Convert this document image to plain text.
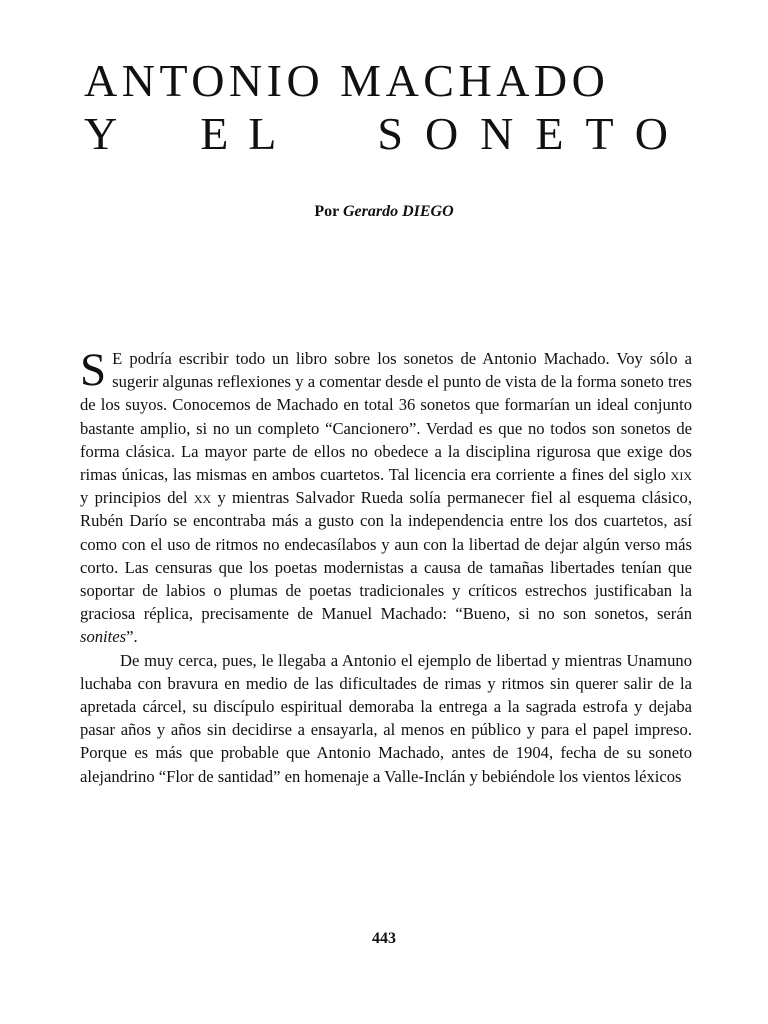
ANTONIO MACHADO
Y EL SONETO
Por Gerardo DIEGO

S E podría escribir todo un libro sobre los sonetos de Antonio Machado. Voy sólo a sugerir algunas reflexiones y a comentar desde el punto de vista de la forma soneto tres de los suyos. Conocemos de Machado en total 36 sonetos que formarían un ideal conjunto bastante amplio, si no un completo “Cancionero”. Verdad es que no todos son sonetos de forma clásica. La mayor parte de ellos no obedece a la disciplina rigurosa que exige dos rimas únicas, las mismas en ambos cuartetos. Tal licencia era corriente a fines del siglo xix y principios del xx y mientras Salvador Rueda solía permanecer fiel al esquema clásico, Rubén Darío se encontraba más a gusto con la independencia entre los dos cuartetos, así como con el uso de ritmos no endecasílabos y aun con la libertad de dejar algún verso más corto. Las censuras que los poetas modernistas a causa de tamañas libertades tenían que soportar de labios o plumas de poetas tradicionales y críticos estrechos justificaban la graciosa réplica, precisamente de Manuel Machado: “Bueno, si no son sonetos, serán sonites”.

De muy cerca, pues, le llegaba a Antonio el ejemplo de libertad y mientras Unamuno luchaba con bravura en medio de las dificultades de rimas y ritmos sin querer salir de la apretada cárcel, su discípulo espiritual demoraba la entrega a la sagrada estrofa y dejaba pasar años y años sin decidirse a ensayarla, al menos en público y para el papel impreso. Porque es más que probable que Antonio Machado, antes de 1904, fecha de su soneto alejandrino “Flor de santidad” en homenaje a Valle-Inclán y bebiéndole los vientos léxicos

443
